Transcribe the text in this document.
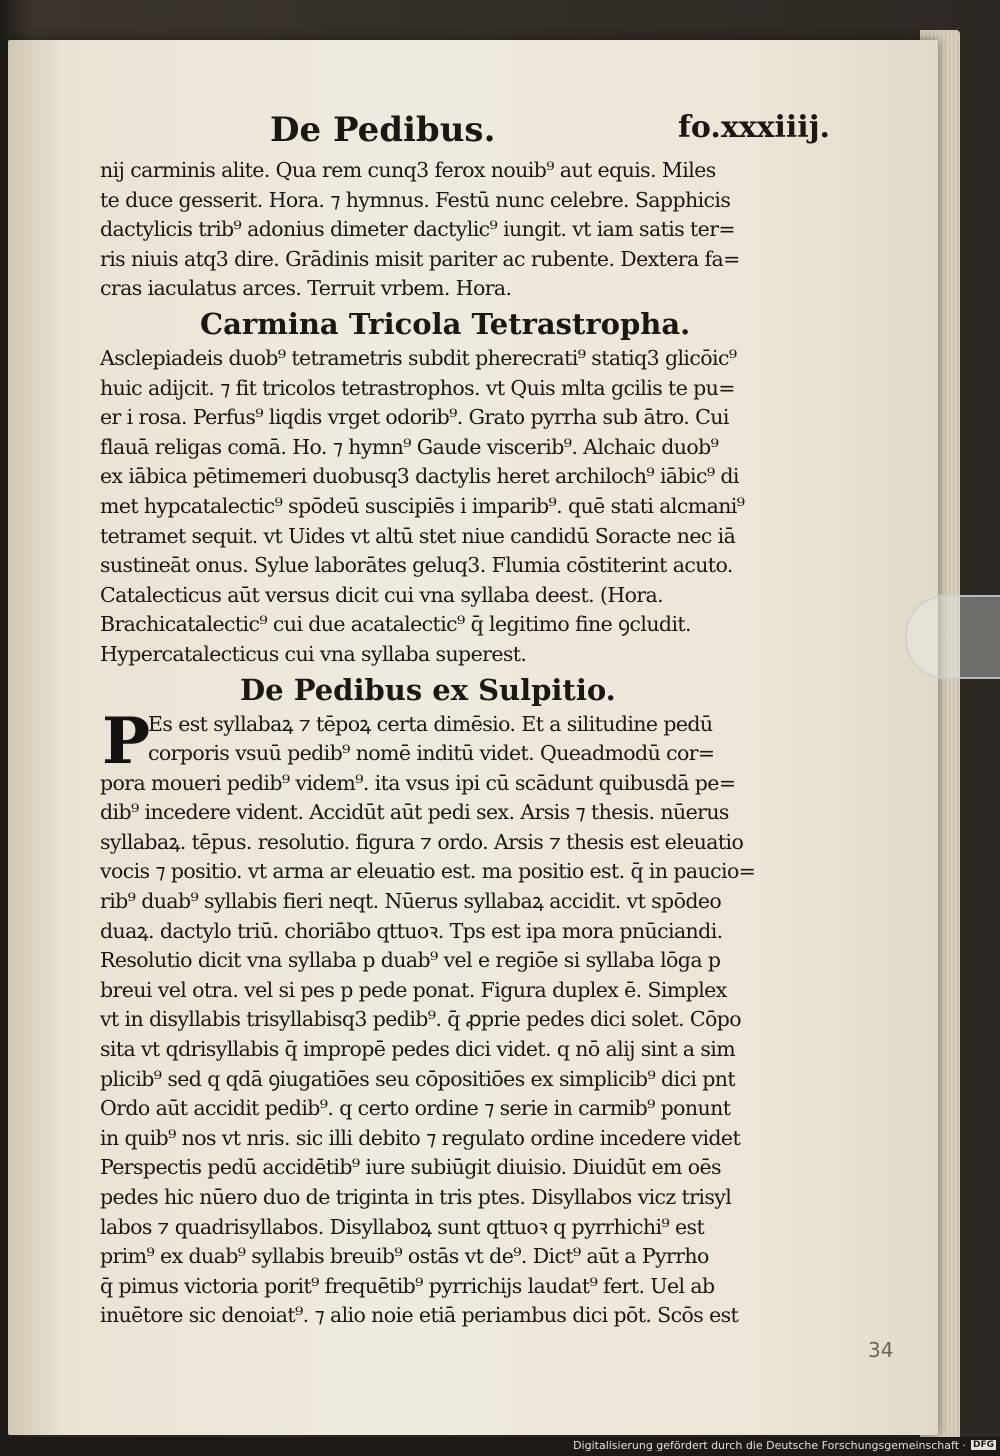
De Pedibus.	fo.xxxiiij.
nij carminis alite. Qua rem cunq3 ferox nouib⁹ aut equis. Miles
te duce gesserit. Hora. ⁊ hymnus. Festū nunc celebre. Sapphicis
dactylicis trib⁹ adonius dimeter dactylic⁹ iungit. vt iam satis ter=
ris niuis atq3 dire. Grādinis misit pariter ac rubente. Dextera fa=
cras iaculatus arces. Terruit vrbem. Hora.
Carmina Tricola Tetrastropha.
Asclepiadeis duob⁹ tetrametris subdit pherecrati⁹ statiq3 glicōic⁹
huic adijcit. ⁊ fit tricolos tetrastrophos. vt Quis mlta gcilis te pu=
er i rosa. Perfus⁹ liqdis vrget odorib⁹. Grato pyrrha sub ātro. Cui
flauā religas comā. Ho. ⁊ hymn⁹ Gaude viscerib⁹. Alchaic duob⁹
ex iābica pētimemeri duobusq3 dactylis heret archiloch⁹ iābic⁹ di
met hypcatalectic⁹ spōdeū suscipiēs i imparib⁹. quē stati alcmani⁹
tetramet sequit. vt Uides vt altū stet niue candidū Soracte nec iā
sustineāt onus. Sylue laborātes geluq3. Flumia cōstiterint acuto.
Catalecticus aūt versus dicit cui vna syllaba deest. (Hora.
Brachicatalectic⁹ cui due acatalectic⁹ q̄ legitimo fine ꝯcludit.
Hypercatalecticus cui vna syllaba superest.
De Pedibus ex Sulpitio.
P
Es est syllabaꝝ ⁊ tēpoꝝ certa dimēsio. Et a silitudine pedū
corporis vsuū pedib⁹ nomē inditū videt. Queadmodū cor=
pora moueri pedib⁹ videm⁹. ita vsus ipi cū scādunt quibusdā pe=
dib⁹ incedere vident. Accidūt aūt pedi sex. Arsis ⁊ thesis. nūerus
syllabaꝝ. tēpus. resolutio. figura ⁊ ordo. Arsis ⁊ thesis est eleuatio
vocis ⁊ positio. vt arma ar eleuatio est. ma positio est. q̄ in paucio=
rib⁹ duab⁹ syllabis fieri neqt. Nūerus syllabaꝝ accidit. vt spōdeo
duaꝝ. dactylo triū. choriābo qttuoꝛ. Tps est ipa mora pnūciandi.
Resolutio dicit vna syllaba p duab⁹ vel e regiōe si syllaba lōga p
breui vel otra. vel si pes p pede ponat. Figura duplex ē. Simplex
vt in disyllabis trisyllabisq3 pedib⁹. q̄ ꝓprie pedes dici solet. Cōpo
sita vt qdrisyllabis q̄ impropē pedes dici videt. q nō alij sint a sim
plicib⁹ sed q qdā ꝯiugatiōes seu cōpositiōes ex simplicib⁹ dici pnt
Ordo aūt accidit pedib⁹. q certo ordine ⁊ serie in carmib⁹ ponunt
in quib⁹ nos vt nris. sic illi debito ⁊ regulato ordine incedere videt
Perspectis pedū accidētib⁹ iure subiūgit diuisio. Diuidūt em oēs
pedes hic nūero duo de triginta in tris ptes. Disyllabos vicz trisyl
labos ⁊ quadrisyllabos. Disyllaboꝝ sunt qttuoꝛ q pyrrhichi⁹ est
prim⁹ ex duab⁹ syllabis breuib⁹ ostās vt de⁹. Dict⁹ aūt a Pyrrho
q̄ pimus victoria porit⁹ frequētib⁹ pyrrichijs laudat⁹ fert. Uel ab
inuētore sic denoiat⁹. ⁊ alio noie etiā periambus dici pōt. Scōs est
34
Digitalisierung gefördert durch die Deutsche Forschungsgemeinschaft · DFG
